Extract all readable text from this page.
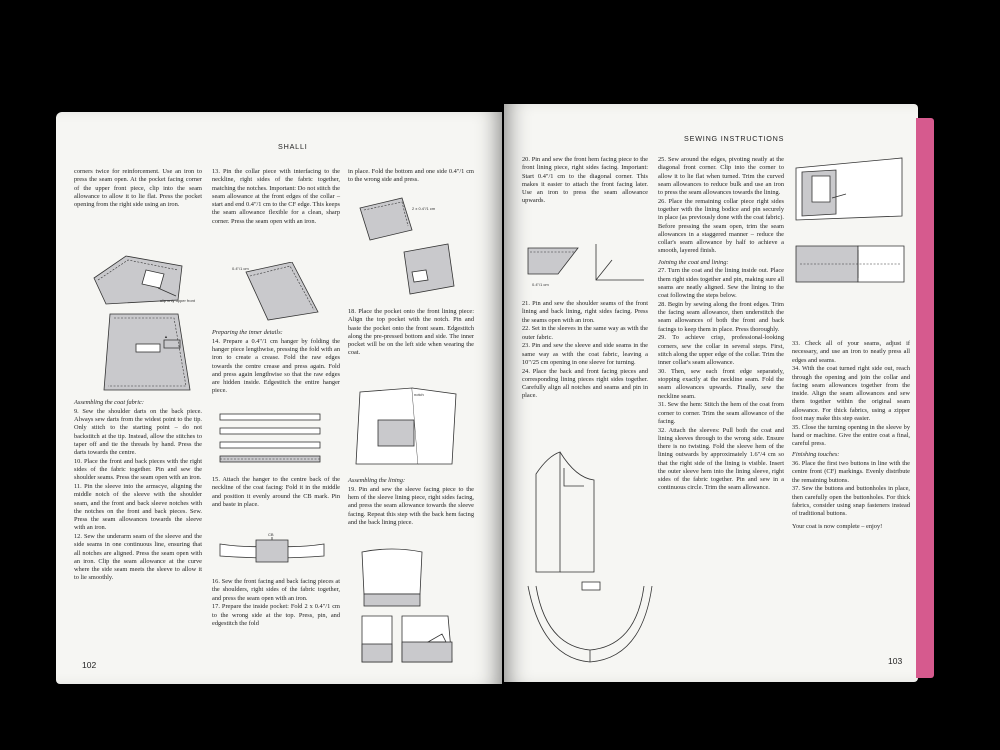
SHALLI

corners twice for reinforcement. Use an iron to press the seam open. At the pocket facing corner of the upper front piece, clip into the seam allowance to allow it to lie flat. Press the pocket opening from the right side using an iron.

slip only upper front
▲

Assembling the coat fabric:

9. Sew the shoulder darts on the back piece. Always sew darts from the widest point to the tip. Only stitch to the starting point – do not backstitch at the tip. Instead, allow the stitches to taper off and tie the threads by hand. Press the darts towards the centre.

10. Place the front and back pieces with the right sides of the fabric together. Pin and sew the shoulder seams. Press the seam open with an iron.

11. Pin the sleeve into the armscye, aligning the middle notch of the sleeve with the shoulder seam, and the front and back sleeve notches with the notches on the front and back pieces. Sew. Press the seam allowances towards the sleeve with an iron.

12. Sew the underarm seam of the sleeve and the side seams in one continuous line, ensuring that all notches are aligned. Press the seam open with an iron. Clip the seam allowance at the curve where the side seam meets the sleeve to allow it to lie smoothly.

13. Pin the collar piece with interfacing to the neckline, right sides of the fabric together, matching the notches. Important: Do not stitch the seam allowance at the front edges of the collar – start and end 0.4"/1 cm to the CF edge. This keeps the seam allowance flexible for a clean, sharp corner. Press the seam open with an iron.

0.4"/1 cm

Preparing the inner details:

14. Prepare a 0.4"/1 cm hanger by folding the hanger piece lengthwise, pressing the fold with an iron to create a crease. Fold the raw edges towards the centre crease and press again. Fold and press again lengthwise so that the raw edges are hidden inside. Edgestitch the entire hanger piece.

15. Attach the hanger to the centre back of the neckline of the coat facing: Fold it in the middle and position it evenly around the CB mark. Pin and baste in place.

CB

16. Sew the front facing and back facing pieces at the shoulders, right sides of the fabric together, and press the seam open with an iron.

17. Prepare the inside pocket: Fold 2 x 0.4"/1 cm to the wrong side at the top. Press, pin, and edgestitch the fold

in place. Fold the bottom and one side 0.4"/1 cm to the wrong side and press.

2 x 0.4"/1 cm

18. Place the pocket onto the front lining piece: Align the top pocket with the notch. Pin and baste the pocket onto the front seam. Edgestitch along the pre-pressed bottom and side. The inner pocket will be on the left side when wearing the coat.

notch

Assembling the lining:

19. Pin and sew the sleeve facing piece to the hem of the sleeve lining piece, right sides facing, and press the seam allowance towards the sleeve facing. Repeat this step with the back hem facing and the back lining piece.

102
SEWING INSTRUCTIONS

20. Pin and sew the front hem facing piece to the front lining piece, right sides facing. Important: Start 0.4"/1 cm to the diagonal corner. This makes it easier to attach the front facing later. Use an iron to press the seam allowance upwards.

0.4"/1 cm

21. Pin and sew the shoulder seams of the front lining and back lining, right sides facing. Press the seams open with an iron.

22. Set in the sleeves in the same way as with the outer fabric.

23. Pin and sew the sleeve and side seams in the same way as with the coat fabric, leaving a 10"/25 cm opening in one sleeve for turning.

24. Place the back and front facing pieces and corresponding lining pieces right sides together. Carefully align all notches and seams and pin in place.

25. Sew around the edges, pivoting neatly at the diagonal front corner. Clip into the corner to allow it to lie flat when turned. Trim the curved seam allowances to reduce bulk and use an iron to press the seam allowances towards the lining.

26. Place the remaining collar piece right sides together with the lining bodice and pin securely in place (as previously done with the coat fabric). Before pressing the seam open, trim the seam allowances in a staggered manner – reduce the collar's seam allowance by half to achieve a smooth, layered finish.

Joining the coat and lining:

27. Turn the coat and the lining inside out. Place them right sides together and pin, making sure all seams are neatly aligned. Sew the lining to the coat following the steps below.

28. Begin by sewing along the front edges. Trim the facing seam allowance, then understitch the seam allowances of both the front and back facings to keep them in place. Press thoroughly.

29. To achieve crisp, professional-looking corners, sew the collar in several steps. First, stitch along the upper edge of the collar. Trim the inner collar's seam allowance.

30. Then, sew each front edge separately, stopping exactly at the neckline seam. Fold the seam allowances upwards. Finally, sew the neckline seam.

31. Sew the hem: Stitch the hem of the coat from corner to corner. Trim the seam allowance of the facing.

32. Attach the sleeves: Pull both the coat and lining sleeves through to the wrong side. Ensure there is no twisting. Fold the sleeve hem of the lining outwards by approximately 1.6"/4 cm so that the right side of the lining is visible. Insert the outer sleeve hem into the lining sleeve, right sides of the fabric together. Pin and sew in a continuous circle. Trim the seam allowance.

33. Check all of your seams, adjust if necessary, and use an iron to neatly press all edges and seams.

34. With the coat turned right side out, reach through the opening and join the collar and facing seam allowances together from the inside. Align the seam allowances and sew them together within the original seam allowance. For thick fabrics, using a zipper foot may make this step easier.

35. Close the turning opening in the sleeve by hand or machine. Give the entire coat a final, careful press.

Finishing touches:

36. Place the first two buttons in line with the centre front (CF) markings. Evenly distribute the remaining buttons.

37. Sew the buttons and buttonholes in place, then carefully open the buttonholes. For thick fabrics, consider using snap fasteners instead of traditional buttons.

Your coat is now complete – enjoy!

103
